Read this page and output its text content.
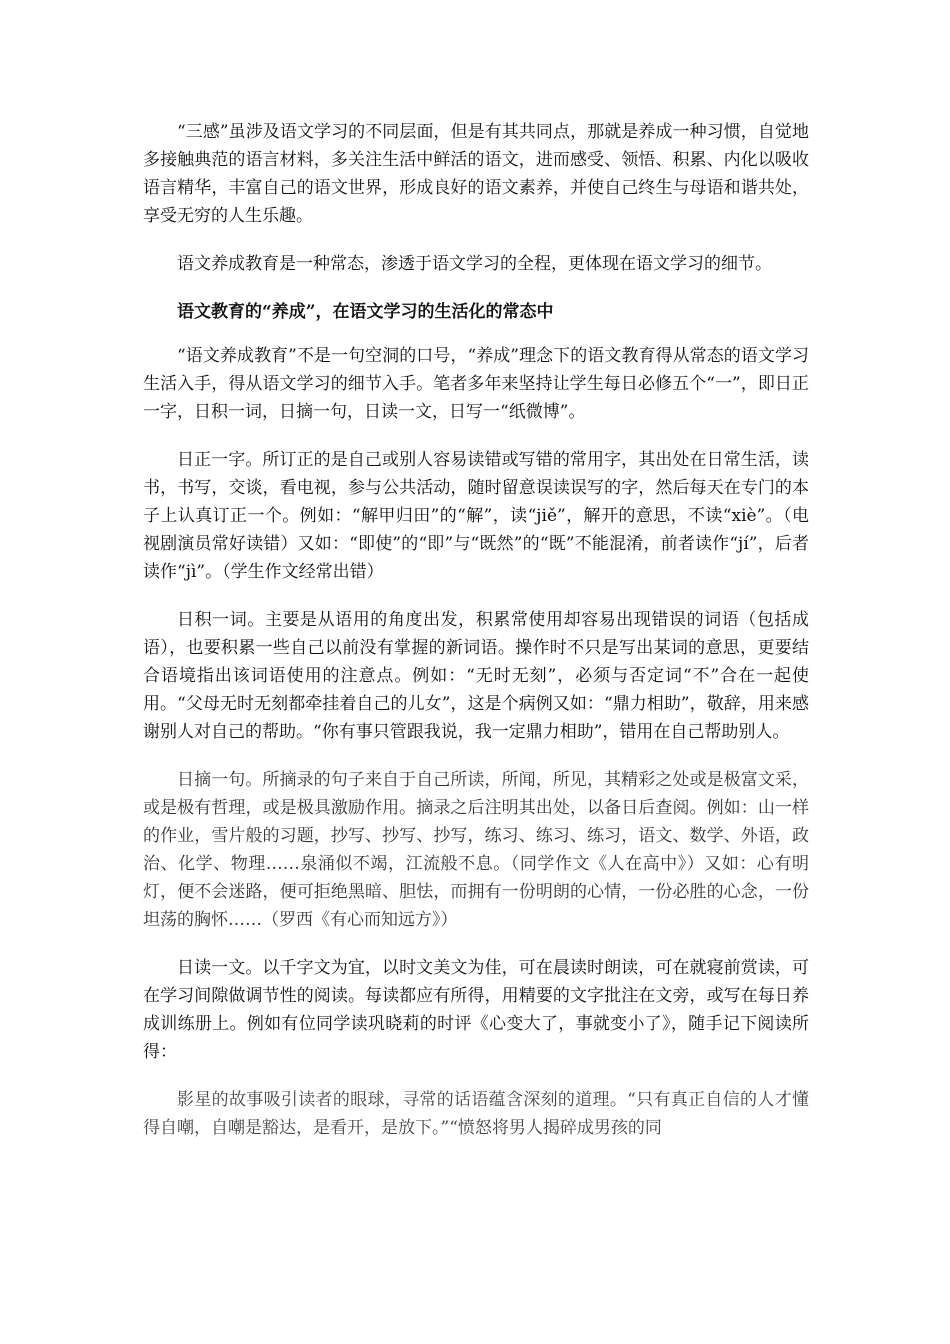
“三感”虽涉及语文学习的不同层面，但是有其共同点，那就是养成一种习惯，自觉地多接触典范的语言材料，多关注生活中鲜活的语文，进而感受、领悟、积累、内化以吸收语言精华，丰富自己的语文世界，形成良好的语文素养，并使自己终生与母语和谐共处，享受无穷的人生乐趣。

语文养成教育是一种常态，渗透于语文学习的全程，更体现在语文学习的细节。

语文教育的“养成”，在语文学习的生活化的常态中

“语文养成教育”不是一句空洞的口号，“养成”理念下的语文教育得从常态的语文学习生活入手，得从语文学习的细节入手。笔者多年来坚持让学生每日必修五个“一”，即日正一字，日积一词，日摘一句，日读一文，日写一“纸微博”。

日正一字。所订正的是自己或别人容易读错或写错的常用字，其出处在日常生活，读书，书写，交谈，看电视，参与公共活动，随时留意误读误写的字，然后每天在专门的本子上认真订正一个。例如：“解甲归田”的“解”，读“jiě”，解开的意思，不读“xiè”。（电视剧演员常好读错）又如：“即使”的“即”与“既然”的“既”不能混淆，前者读作“jí”，后者读作“jì”。（学生作文经常出错）

日积一词。主要是从语用的角度出发，积累常使用却容易出现错误的词语（包括成语），也要积累一些自己以前没有掌握的新词语。操作时不只是写出某词的意思，更要结合语境指出该词语使用的注意点。例如：“无时无刻”，必须与否定词“不”合在一起使用。“父母无时无刻都牵挂着自己的儿女”，这是个病例又如：“鼎力相助”，敬辞，用来感谢别人对自己的帮助。“你有事只管跟我说，我一定鼎力相助”，错用在自己帮助别人。

日摘一句。所摘录的句子来自于自己所读，所闻，所见，其精彩之处或是极富文采，或是极有哲理，或是极具激励作用。摘录之后注明其出处，以备日后查阅。例如：山一样的作业，雪片般的习题，抄写、抄写、抄写，练习、练习、练习，语文、数学、外语，政治、化学、物理……泉涌似不竭，江流般不息。（同学作文《人在高中》）又如：心有明灯，便不会迷路，便可拒绝黑暗、胆怯，而拥有一份明朗的心情，一份必胜的心念，一份坦荡的胸怀……（罗西《有心而知远方》）

日读一文。以千字文为宜，以时文美文为佳，可在晨读时朗读，可在就寝前赏读，可在学习间隙做调节性的阅读。每读都应有所得，用精要的文字批注在文旁，或写在每日养成训练册上。例如有位同学读巩晓莉的时评《心变大了，事就变小了》，随手记下阅读所得：

影星的故事吸引读者的眼球，寻常的话语蕴含深刻的道理。“只有真正自信的人才懂得自嘲，自嘲是豁达，是看开，是放下。”“愤怒将男人揭碎成男孩的同
